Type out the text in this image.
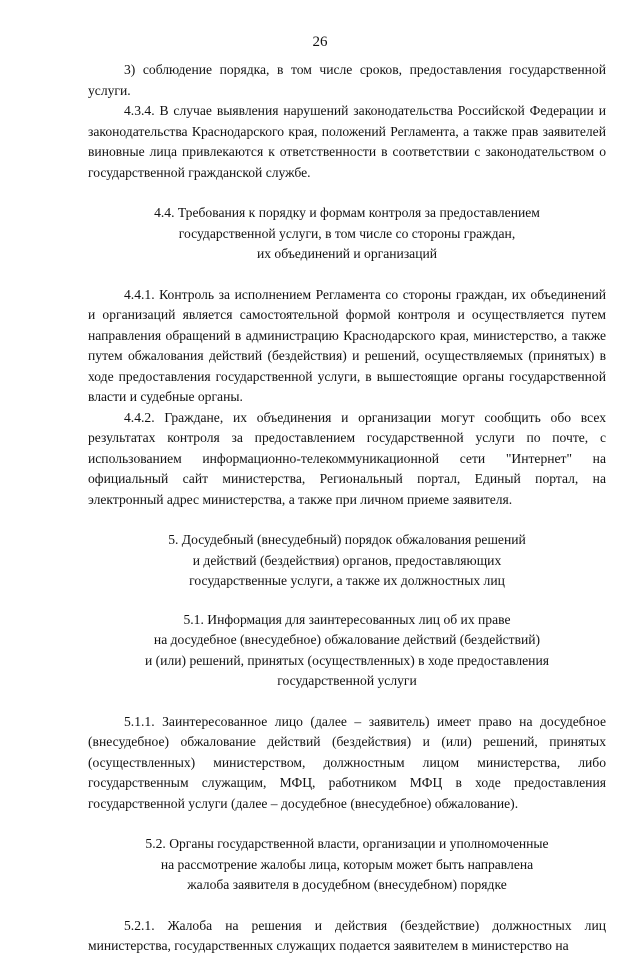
26

3) соблюдение порядка, в том числе сроков, предоставления государственной услуги.

4.3.4. В случае выявления нарушений законодательства Российской Федерации и законодательства Краснодарского края, положений Регламента, а также прав заявителей виновные лица привлекаются к ответственности в соответствии с законодательством о государственной гражданской службе.

4.4. Требования к порядку и формам контроля за предоставлением
государственной услуги, в том числе со стороны граждан,
их объединений и организаций

4.4.1. Контроль за исполнением Регламента со стороны граждан, их объединений и организаций является самостоятельной формой контроля и осуществляется путем направления обращений в администрацию Краснодарского края, министерство, а также путем обжалования действий (бездействия) и решений, осуществляемых (принятых) в ходе предоставления государственной услуги, в вышестоящие органы государственной власти и судебные органы.

4.4.2. Граждане, их объединения и организации могут сообщить обо всех результатах контроля за предоставлением государственной услуги по почте, с использованием информационно-телекоммуникационной сети "Интернет" на официальный сайт министерства, Региональный портал, Единый портал, на электронный адрес министерства, а также при личном приеме заявителя.

5. Досудебный (внесудебный) порядок обжалования решений
и действий (бездействия) органов, предоставляющих
государственные услуги, а также их должностных лиц
5.1. Информация для заинтересованных лиц об их праве
на досудебное (внесудебное) обжалование действий (бездействий)
и (или) решений, принятых (осуществленных) в ходе предоставления
государственной услуги

5.1.1. Заинтересованное лицо (далее – заявитель) имеет право на досудебное (внесудебное) обжалование действий (бездействия) и (или) решений, принятых (осуществленных) министерством, должностным лицом министерства, либо государственным служащим, МФЦ, работником МФЦ в ходе предоставления государственной услуги (далее – досудебное (внесудебное) обжалование).

5.2. Органы государственной власти, организации и уполномоченные
на рассмотрение жалобы лица, которым может быть направлена
жалоба заявителя в досудебном (внесудебном) порядке

5.2.1. Жалоба на решения и действия (бездействие) должностных лиц министерства, государственных служащих подается заявителем в министерство на
